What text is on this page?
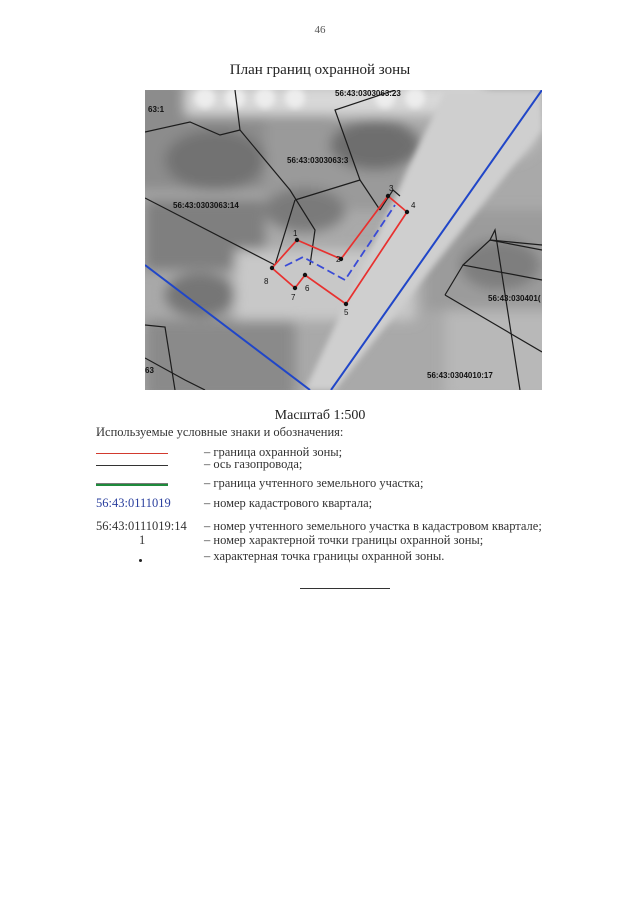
46
План границ охранной зоны
1
2
3
4
5
6
7
8
56:43:0303063:23
56:43:0303063:3
56:43:0303063:14
56:43:0304010:17
63:1
56:43:030401(
63
Масштаб 1:500
Используемые условные знаки и обозначения:
– граница охранной зоны;
– ось газопровода;
– граница учтенного земельного участка;
56:43:0111019	– номер кадастрового квартала;
56:43:0111019:14 – номер учтенного земельного участка в кадастровом квартале;
1	– номер характерной точки границы охранной зоны;
– характерная точка границы охранной зоны.
